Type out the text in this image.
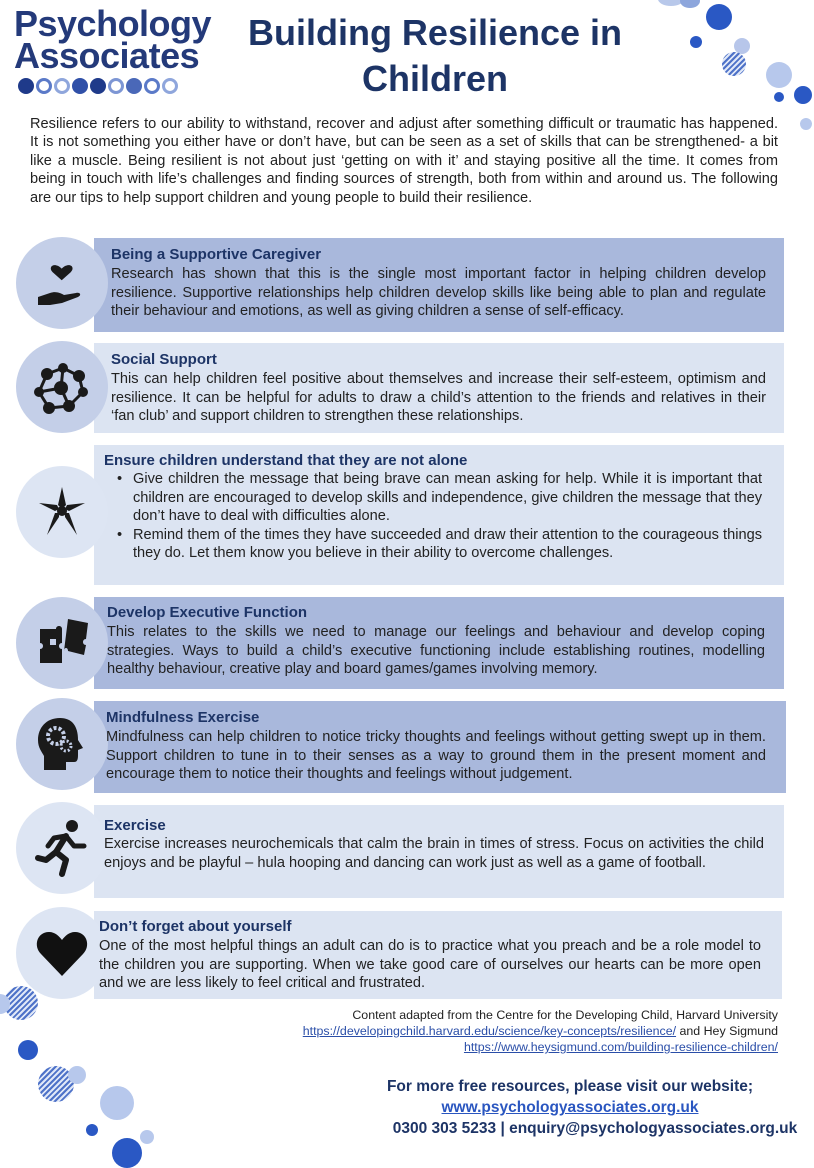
Psychology
Associates
Building Resilience in
Children
Resilience refers to our ability to withstand, recover and adjust after something difficult or traumatic has happened. It is not something you either have or don’t have, but can be seen as a set of skills that can be strengthened- a bit like a muscle. Being resilient is not about just ‘getting on with it’ and staying positive all the time. It comes from being in touch with life’s challenges and finding sources of strength, both from within and around us. The following are our tips to help support children and young people to build their resilience.
Being a Supportive Caregiver
Research has shown that this is the single most important factor in helping children develop resilience. Supportive relationships help children develop skills like being able to plan and regulate their behaviour and emotions, as well as giving children a sense of self-efficacy.
Social Support
This can help children feel positive about themselves and increase their self-esteem, optimism and resilience. It can be helpful for adults to draw a child’s attention to the friends and relatives in their ‘fan club’ and support children to strengthen these relationships.
Ensure children understand that they are not alone
• Give children the message that being brave can mean asking for help. While it is important that children are encouraged to develop skills and independence, give children the message that they don’t have to deal with difficulties alone.
• Remind them of the times they have succeeded and draw their attention to the courageous things they do. Let them know you believe in their ability to overcome challenges.
Develop Executive Function
This relates to the skills we need to manage our feelings and behaviour and develop coping strategies. Ways to build a child’s executive functioning include establishing routines, modelling healthy behaviour, creative play and board games/games involving memory.
Mindfulness Exercise
Mindfulness can help children to notice tricky thoughts and feelings without getting swept up in them. Support children to tune in to their senses as a way to ground them in the present moment and encourage them to notice their thoughts and feelings without judgement.
Exercise
Exercise increases neurochemicals that calm the brain in times of stress. Focus on activities the child enjoys and be playful – hula hooping and dancing can work just as well as a game of football.
Don’t forget about yourself
One of the most helpful things an adult can do is to practice what you preach and be a role model to the children you are supporting. When we take good care of ourselves our hearts can be more open and we are less likely to feel critical and frustrated.
Content adapted from the Centre for the Developing Child, Harvard University
https://developingchild.harvard.edu/science/key-concepts/resilience/ and Hey Sigmund
https://www.heysigmund.com/building-resilience-children/
For more free resources, please visit our website;
www.psychologyassociates.org.uk
0300 303 5233 | enquiry@psychologyassociates.org.uk
